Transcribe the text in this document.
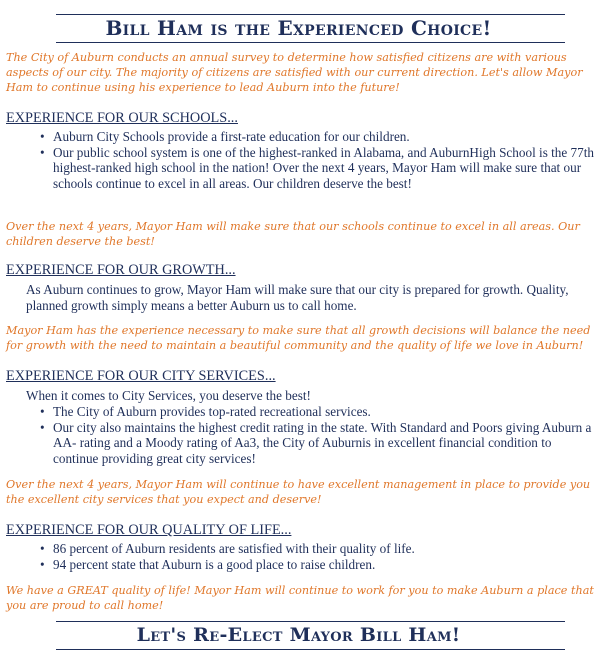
Bill Ham is the Experienced Choice!
The City of Auburn conducts an annual survey to determine how satisfied citizens are with various aspects of our city. The majority of citizens are satisfied with our current direction. Let's allow Mayor Ham to continue using his experience to lead Auburn into the future!
EXPERIENCE FOR OUR SCHOOLS...
• Auburn City Schools provide a first-rate education for our children.
• Our public school system is one of the highest-ranked in Alabama, and AuburnHigh School is the 77th highest-ranked high school in the nation! Over the next 4 years, Mayor Ham will make sure that our schools continue to excel in all areas. Our children deserve the best!
Over the next 4 years, Mayor Ham will make sure that our schools continue to excel in all areas. Our children deserve the best!
EXPERIENCE FOR OUR GROWTH...
As Auburn continues to grow, Mayor Ham will make sure that our city is prepared for growth. Quality, planned growth simply means a better Auburn us to call home.
Mayor Ham has the experience necessary to make sure that all growth decisions will balance the need for growth with the need to maintain a beautiful community and the quality of life we love in Auburn!
EXPERIENCE FOR OUR CITY SERVICES...
When it comes to City Services, you deserve the best!
• The City of Auburn provides top-rated recreational services.
• Our city also maintains the highest credit rating in the state. With Standard and Poors giving Auburn a AA- rating and a Moody rating of Aa3, the City of Auburnis in excellent financial condition to continue providing great city services!
Over the next 4 years, Mayor Ham will continue to have excellent management in place to provide you the excellent city services that you expect and deserve!
EXPERIENCE FOR OUR QUALITY OF LIFE...
• 86 percent of Auburn residents are satisfied with their quality of life.
• 94 percent state that Auburn is a good place to raise children.
We have a GREAT quality of life! Mayor Ham will continue to work for you to make Auburn a place that you are proud to call home!
Let's Re-Elect Mayor Bill Ham!
